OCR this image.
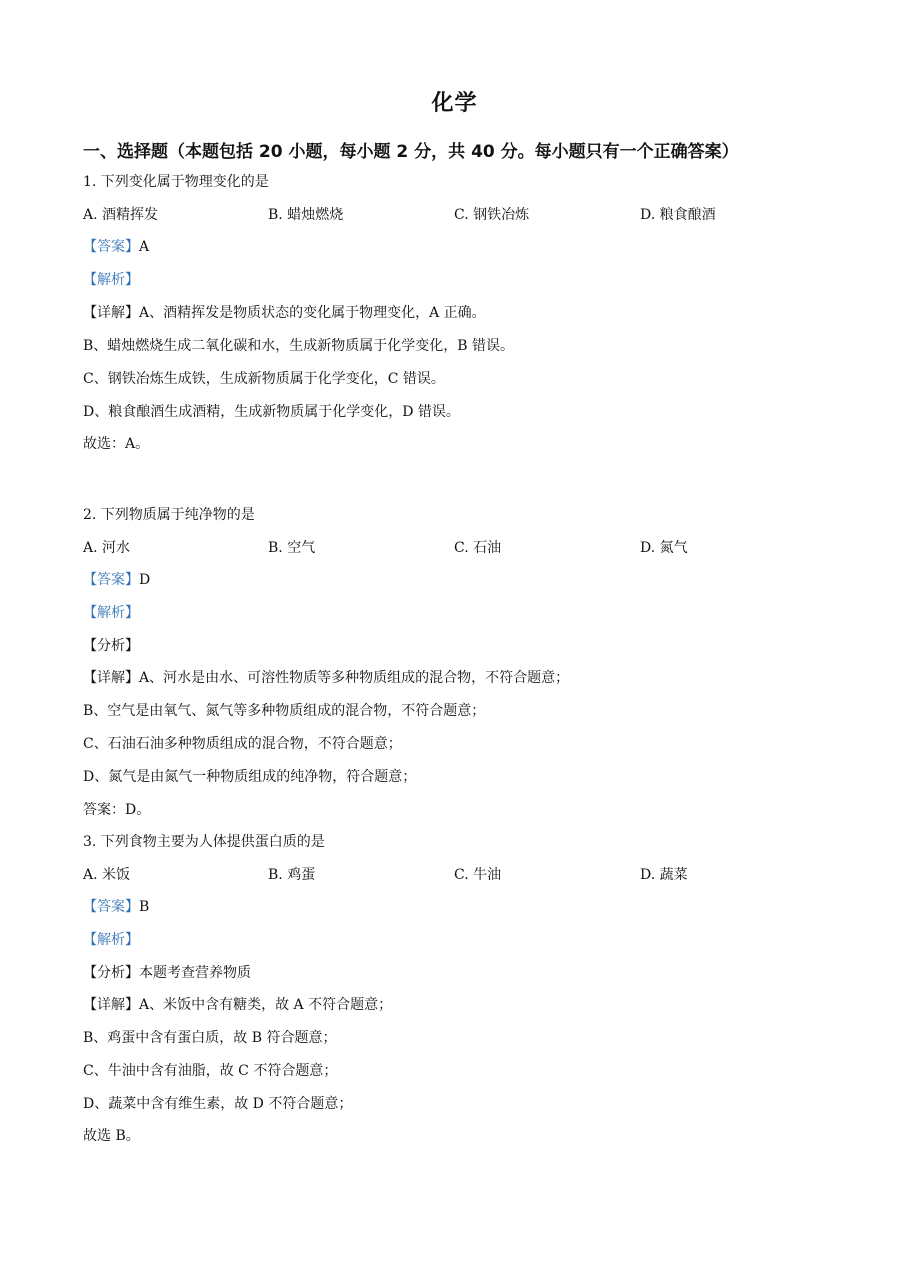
化学
一、选择题（本题包括 20 小题，每小题 2 分，共 40 分。每小题只有一个正确答案）
1. 下列变化属于物理变化的是
A. 酒精挥发	B. 蜡烛燃烧	C. 钢铁冶炼	D. 粮食酿酒
【答案】A
【解析】
【详解】A、酒精挥发是物质状态的变化属于物理变化，A 正确。
B、蜡烛燃烧生成二氧化碳和水，生成新物质属于化学变化，B 错误。
C、钢铁冶炼生成铁，生成新物质属于化学变化，C 错误。
D、粮食酿酒生成酒精，生成新物质属于化学变化，D 错误。
故选：A。
2. 下列物质属于纯净物的是
A. 河水	B. 空气	C. 石油	D. 氮气
【答案】D
【解析】
【分析】
【详解】A、河水是由水、可溶性物质等多种物质组成的混合物，不符合题意；
B、空气是由氧气、氮气等多种物质组成的混合物，不符合题意；
C、石油石油多种物质组成的混合物，不符合题意；
D、氮气是由氮气一种物质组成的纯净物，符合题意；
答案：D。
3. 下列食物主要为人体提供蛋白质的是
A. 米饭	B. 鸡蛋	C. 牛油	D. 蔬菜
【答案】B
【解析】
【分析】本题考查营养物质
【详解】A、米饭中含有糖类，故 A 不符合题意；
B、鸡蛋中含有蛋白质，故 B 符合题意；
C、牛油中含有油脂，故 C 不符合题意；
D、蔬菜中含有维生素，故 D 不符合题意；
故选 B。
